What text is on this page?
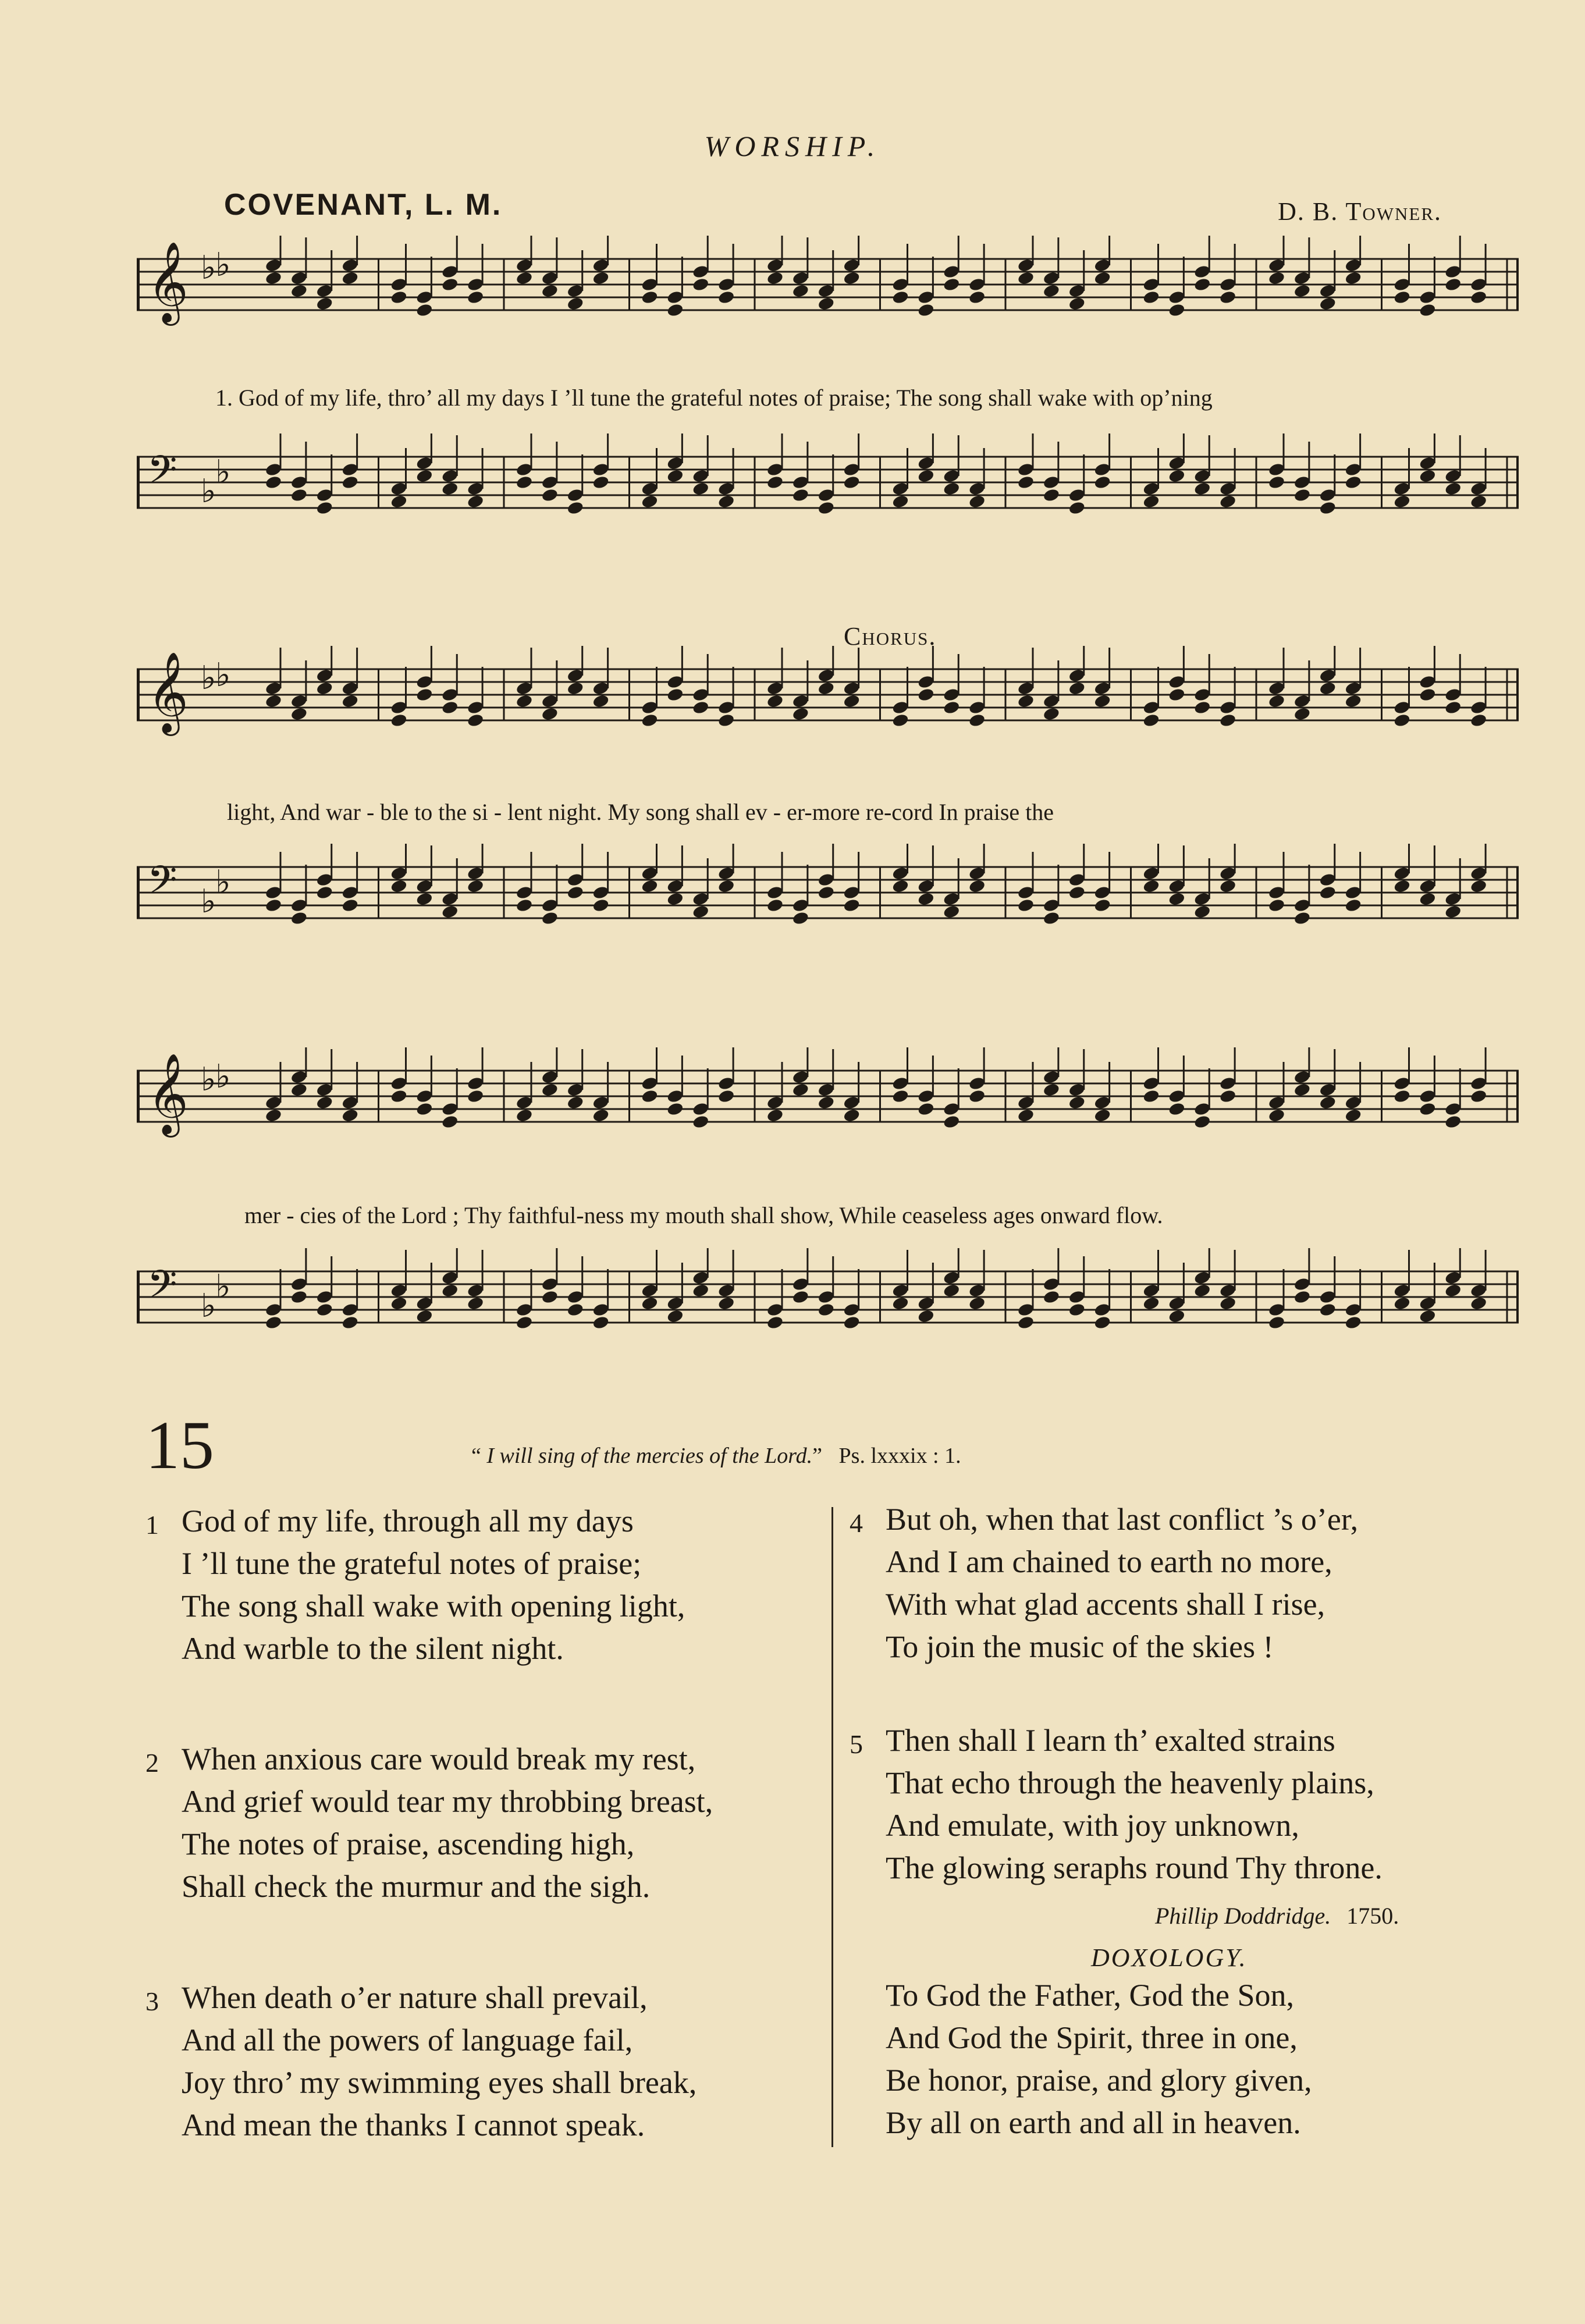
WORSHIP.
COVENANT, L. M.	D. B. Towner.
𝄞 ♭
♭
1. God of my life, thro’ all my days I ’ll tune the grateful notes of praise; The song shall wake with op’ning
𝄢 ♭
♭
Chorus.
𝄞 ♭
♭
light, And war - ble to the si - lent night. My song shall ev - er-more re-cord In praise the
𝄢 ♭
♭
𝄞 ♭
♭
mer - cies of the Lord ; Thy faithful-ness my mouth shall show, While ceaseless ages onward flow.
𝄢 ♭
♭
15	“ I will sing of the mercies of the Lord.”   Ps. lxxxix : 1.
1 God of my life, through all my days
I ’ll tune the grateful notes of praise;
The song shall wake with opening light,
And warble to the silent night.
2 When anxious care would break my rest,
And grief would tear my throbbing breast,
The notes of praise, ascending high,
Shall check the murmur and the sigh.
3 When death o’er nature shall prevail,
And all the powers of language fail,
Joy thro’ my swimming eyes shall break,
And mean the thanks I cannot speak.
4 But oh, when that last conflict ’s o’er,
And I am chained to earth no more,
With what glad accents shall I rise,
To join the music of the skies !
5 Then shall I learn th’ exalted strains
That echo through the heavenly plains,
And emulate, with joy unknown,
The glowing seraphs round Thy throne.
Phillip Doddridge. 1750.
DOXOLOGY.
To God the Father, God the Son,
And God the Spirit, three in one,
Be honor, praise, and glory given,
By all on earth and all in heaven.
